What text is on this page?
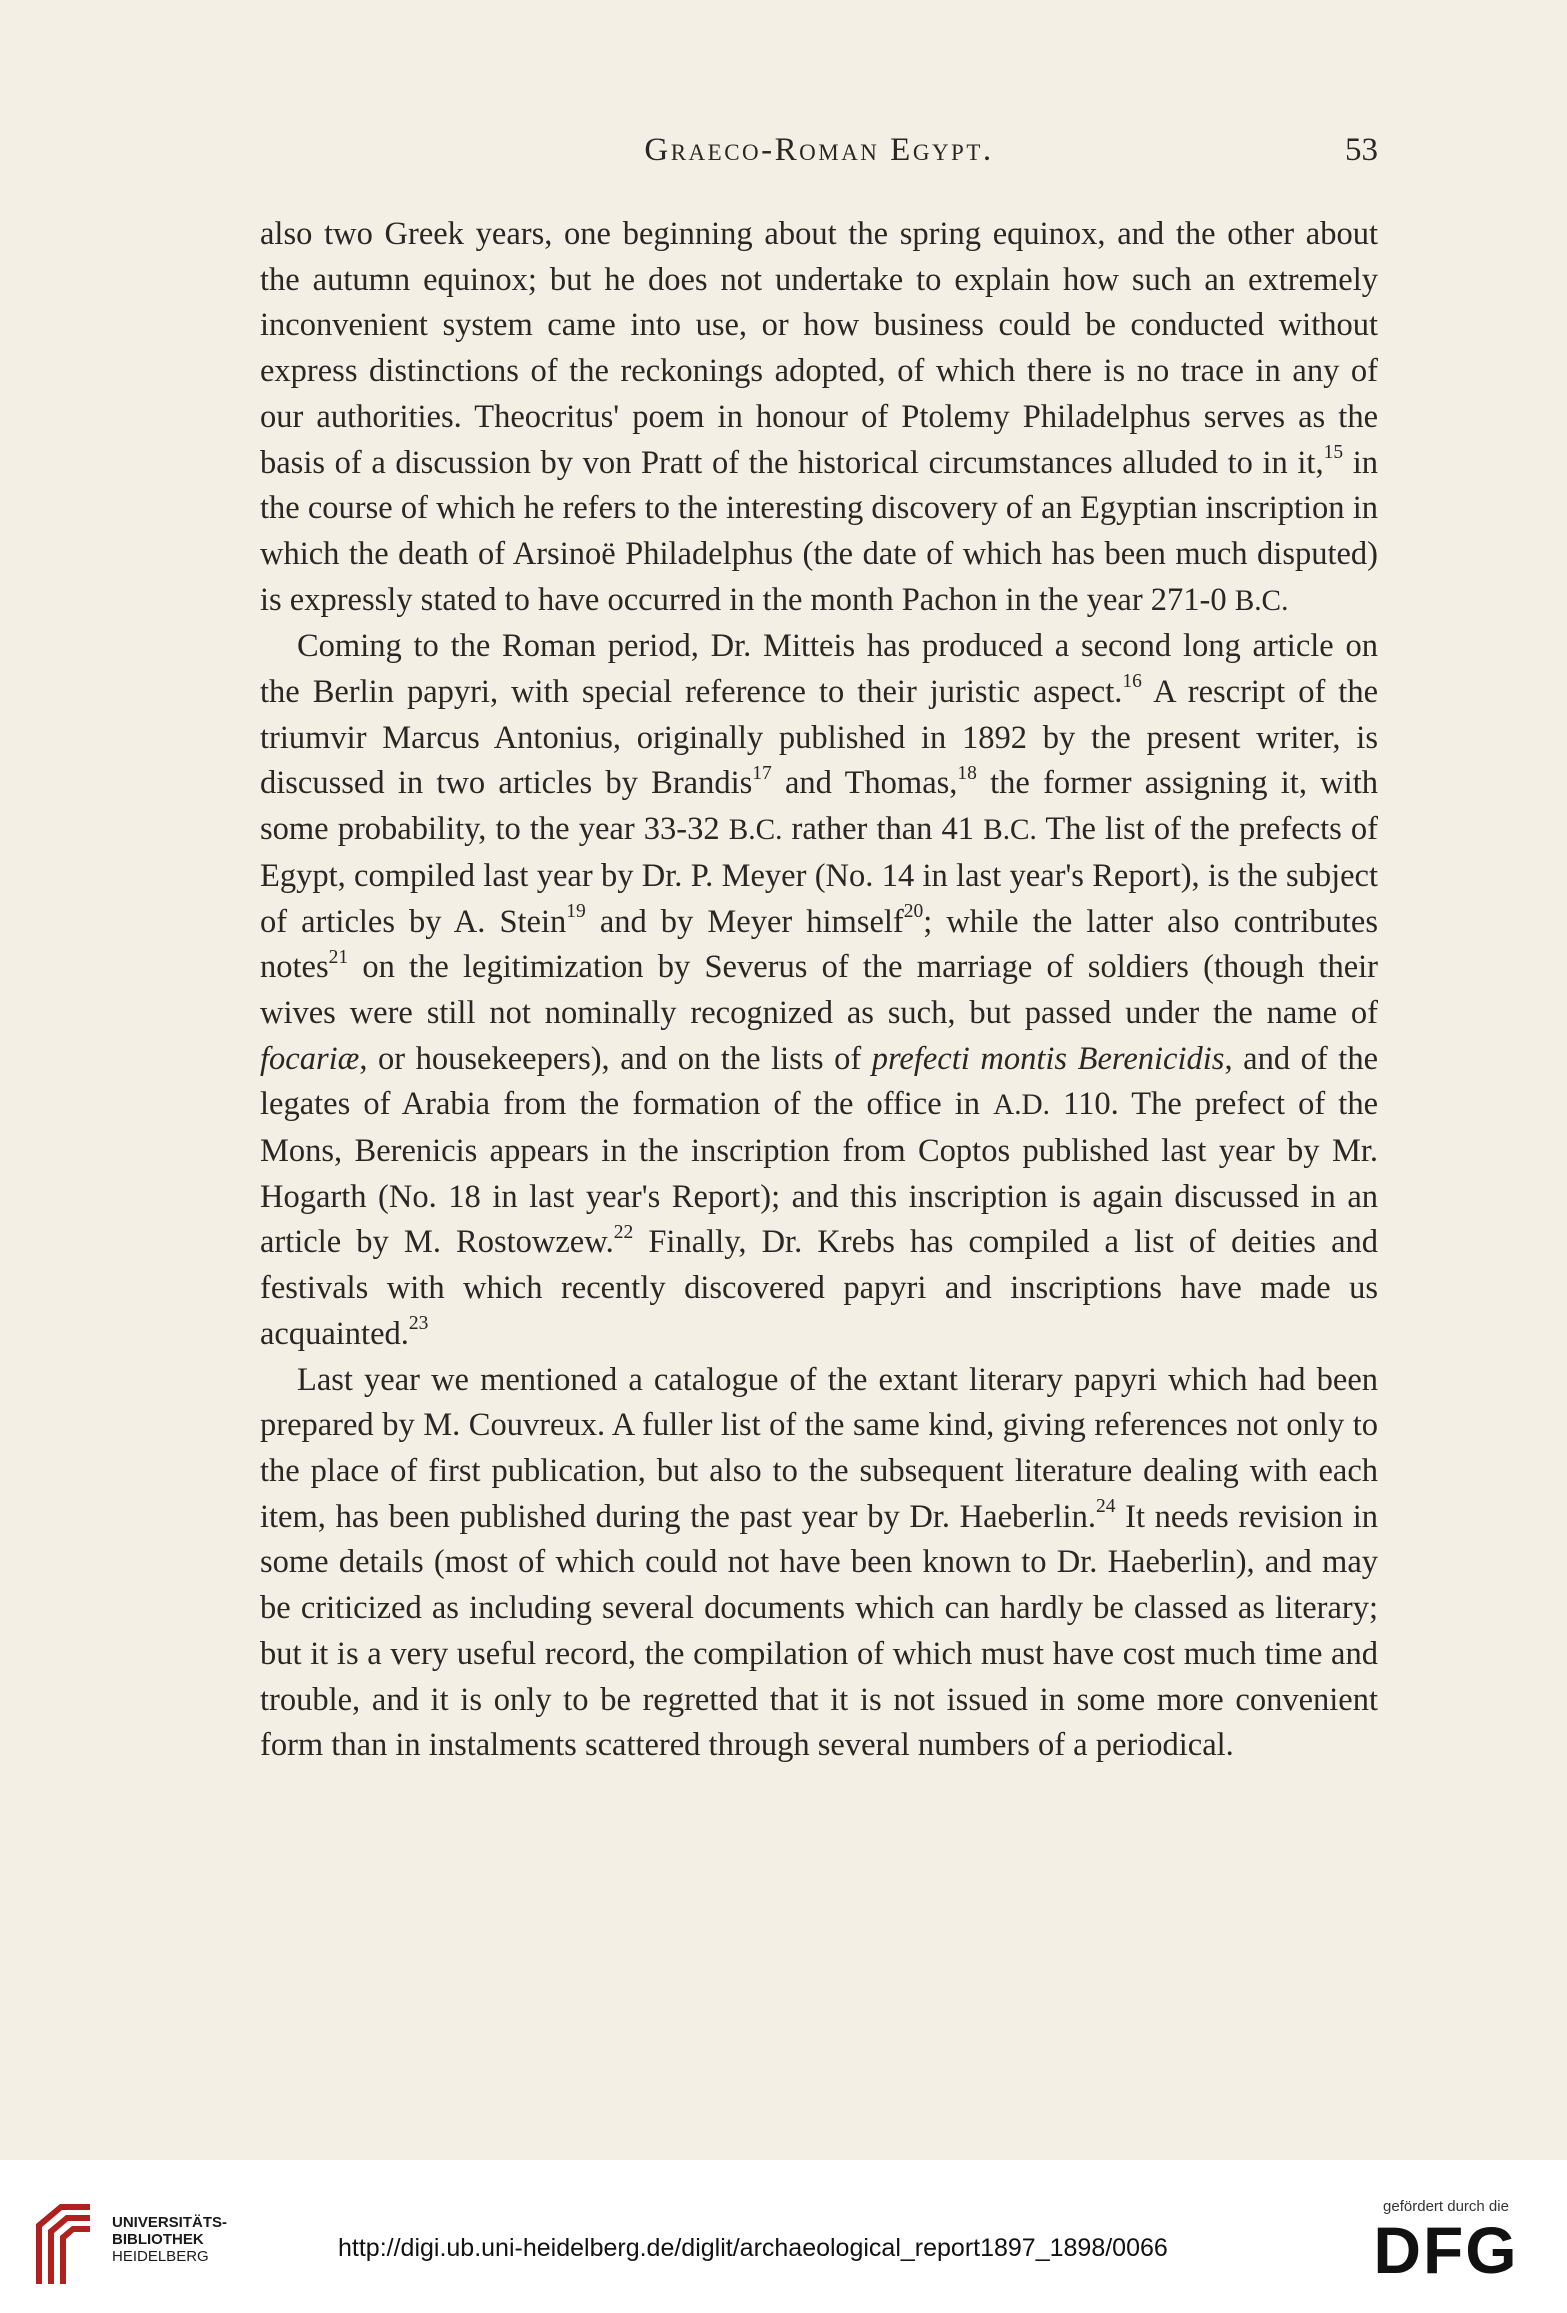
Graeco-Roman Egypt.	53

also two Greek years, one beginning about the spring equinox, and the other about the autumn equinox; but he does not undertake to explain how such an extremely inconvenient system came into use, or how business could be conducted without express distinctions of the reckonings adopted, of which there is no trace in any of our authorities. Theocritus' poem in honour of Ptolemy Philadelphus serves as the basis of a discussion by von Pratt of the historical circumstances alluded to in it,$^{15}$ in the course of which he refers to the interesting discovery of an Egyptian inscription in which the death of Arsinoë Philadelphus (the date of which has been much disputed) is expressly stated to have occurred in the month Pachon in the year 271-0 B.C.

Coming to the Roman period, Dr. Mitteis has produced a second long article on the Berlin papyri, with special reference to their juristic aspect.$^{16}$ A rescript of the triumvir Marcus Antonius, originally published in 1892 by the present writer, is discussed in two articles by Brandis$^{17}$ and Thomas,$^{18}$ the former assigning it, with some probability, to the year 33-32 B.C. rather than 41 B.C. The list of the prefects of Egypt, compiled last year by Dr. P. Meyer (No. 14 in last year's Report), is the subject of articles by A. Stein$^{19}$ and by Meyer himself$^{20}$; while the latter also contributes notes$^{21}$ on the legitimization by Severus of the marriage of soldiers (though their wives were still not nominally recognized as such, but passed under the name of focariæ, or housekeepers), and on the lists of prefecti montis Berenicidis, and of the legates of Arabia from the formation of the office in A.D. 110. The prefect of the Mons, Berenicis appears in the inscription from Coptos published last year by Mr. Hogarth (No. 18 in last year's Report); and this inscription is again discussed in an article by M. Rostowzew.$^{22}$ Finally, Dr. Krebs has compiled a list of deities and festivals with which recently discovered papyri and inscriptions have made us acquainted.$^{23}$

Last year we mentioned a catalogue of the extant literary papyri which had been prepared by M. Couvreux. A fuller list of the same kind, giving references not only to the place of first publication, but also to the subsequent literature dealing with each item, has been published during the past year by Dr. Haeberlin.$^{24}$ It needs revision in some details (most of which could not have been known to Dr. Haeberlin), and may be criticized as including several documents which can hardly be classed as literary; but it is a very useful record, the compilation of which must have cost much time and trouble, and it is only to be regretted that it is not issued in some more convenient form than in instalments scattered through several numbers of a periodical.

UNIVERSITÄTS-
BIBLIOTHEK
HEIDELBERG	http://digi.ub.uni-heidelberg.de/diglit/archaeological_report1897_1898/0066
gefördert durch die
DFG
